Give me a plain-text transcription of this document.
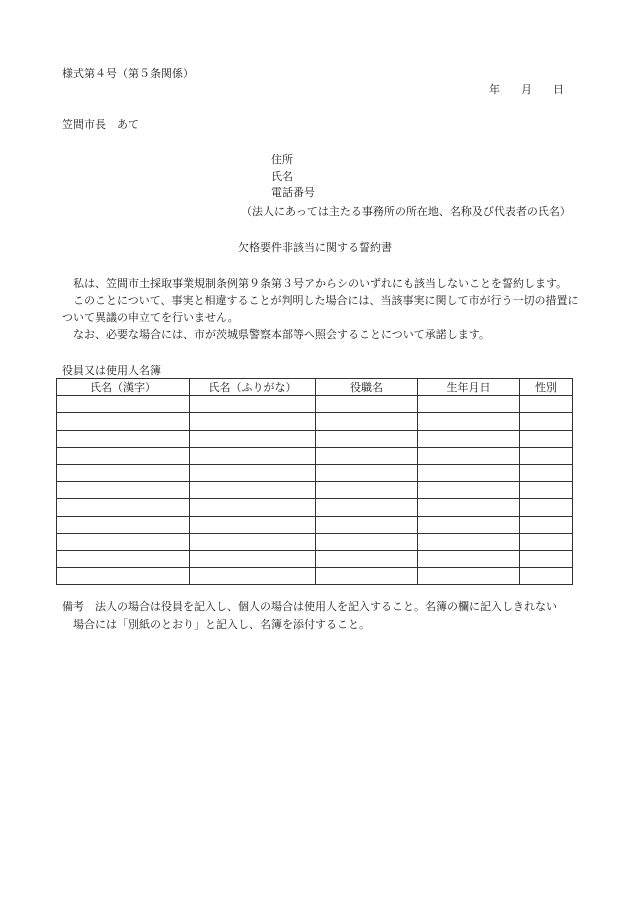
様式第４号（第５条関係）
年 月 日
笠間市長　あて
住所
氏名
電話番号
（法人にあっては主たる事務所の所在地、名称及び代表者の氏名）
欠格要件非該当に関する誓約書

私は、笠間市土採取事業規制条例第９条第３号アからシのいずれにも該当しないことを誓約します。

このことについて、事実と相違することが判明した場合には、当該事実に関して市が行う一切の措置について異議の申立てを行いません。

なお、必要な場合には、市が茨城県警察本部等へ照会することについて承諾します。

役員又は使用人名簿
氏名（漢字）	氏名（ふりがな）	役職名	生年月日	性別

備考　法人の場合は役員を記入し、個人の場合は使用人を記入すること。名簿の欄に記入しきれない
場合には「別紙のとおり」と記入し、名簿を添付すること。
